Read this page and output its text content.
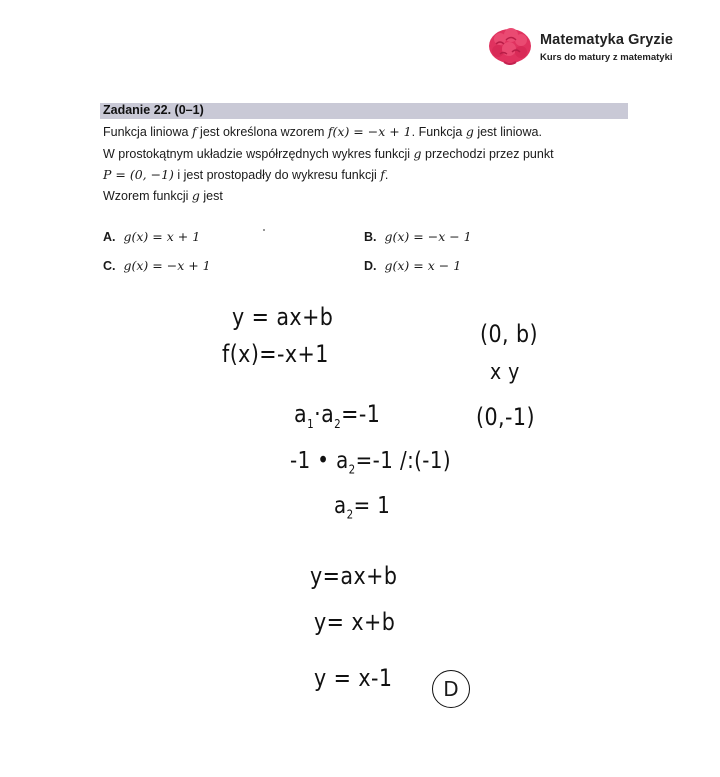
Matematyka Gryzie
Kurs do matury z matematyki
Zadanie 22. (0–1)
Funkcja liniowa f jest określona wzorem f(x) = −x + 1. Funkcja g jest liniowa.
W prostokątnym układzie współrzędnych wykres funkcji g przechodzi przez punkt
P = (0, −1) i jest prostopadły do wykresu funkcji f.
Wzorem funkcji g jest
A. g(x) = x + 1	B. g(x) = −x − 1
C. g(x) = −x + 1	D. g(x) = x − 1
y = ax+b
f(x)=-x+1
(0, b)
x y
(0,-1)
$a_1\cdot a_2=-1$
-1 • $a_2=-1$ /:(-1)
$a_2= 1$
y=ax+b
y= x+b
y = x-1	D
